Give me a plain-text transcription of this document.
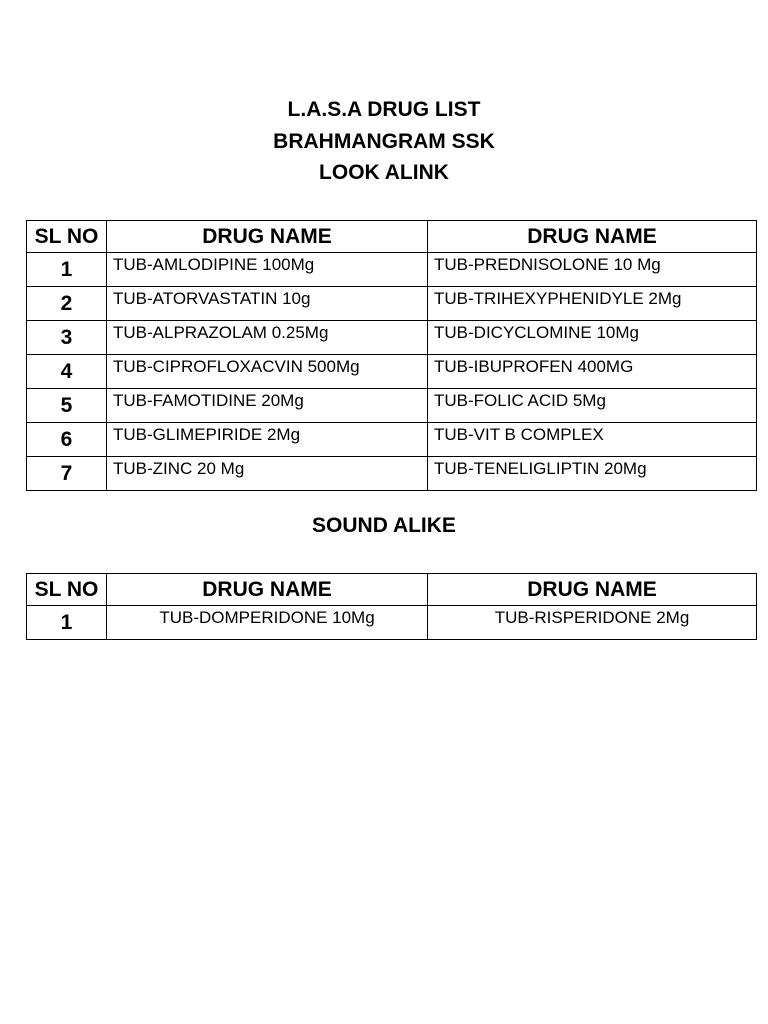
L.A.S.A DRUG LIST
BRAHMANGRAM SSK
LOOK ALINK
SL NO	DRUG NAME	DRUG NAME
1	TUB-AMLODIPINE 100Mg	TUB-PREDNISOLONE 10 Mg
2	TUB-ATORVASTATIN 10g	TUB-TRIHEXYPHENIDYLE 2Mg
3	TUB-ALPRAZOLAM 0.25Mg	TUB-DICYCLOMINE 10Mg
4	TUB-CIPROFLOXACVIN 500Mg	TUB-IBUPROFEN 400MG
5	TUB-FAMOTIDINE 20Mg	TUB-FOLIC ACID 5Mg
6	TUB-GLIMEPIRIDE 2Mg	TUB-VIT B COMPLEX
7	TUB-ZINC 20 Mg	TUB-TENELIGLIPTIN 20Mg
SOUND ALIKE
SL NO	DRUG NAME	DRUG NAME
1	TUB-DOMPERIDONE 10Mg	TUB-RISPERIDONE 2Mg
